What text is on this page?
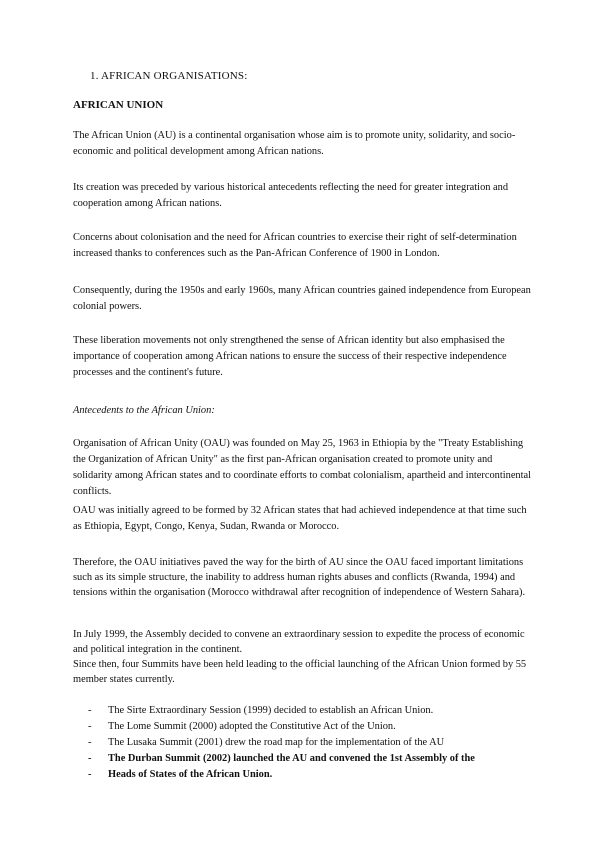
1. AFRICAN ORGANISATIONS:
AFRICAN UNION

The African Union (AU) is a continental organisation whose aim is to promote unity, solidarity, and socio-economic and political development among African nations.

Its creation was preceded by various historical antecedents reflecting the need for greater integration and cooperation among African nations.

Concerns about colonisation and the need for African countries to exercise their right of self-determination increased thanks to conferences such as the Pan-African Conference of 1900 in London.

Consequently, during the 1950s and early 1960s, many African countries gained independence from European colonial powers.

These liberation movements not only strengthened the sense of African identity but also emphasised the importance of cooperation among African nations to ensure the success of their respective independence processes and the continent's future.

Antecedents to the African Union:

Organisation of African Unity (OAU) was founded on May 25, 1963 in Ethiopia by the "Treaty Establishing the Organization of African Unity" as the first pan-African organisation created to promote unity and solidarity among African states and to coordinate efforts to combat colonialism, apartheid and intercontinental conflicts.

OAU was initially agreed to be formed by 32 African states that had achieved independence at that time such as Ethiopia, Egypt, Congo, Kenya, Sudan, Rwanda or Morocco.

Therefore, the OAU initiatives paved the way for the birth of AU since the OAU faced important limitations such as its simple structure, the inability to address human rights abuses and conflicts (Rwanda, 1994) and tensions within the organisation (Morocco withdrawal after recognition of independence of Western Sahara).

In July 1999, the Assembly decided to convene an extraordinary session to expedite the process of economic and political integration in the continent.

Since then, four Summits have been held leading to the official launching of the African Union formed by 55 member states currently.

- The Sirte Extraordinary Session (1999) decided to establish an African Union.
- The Lome Summit (2000) adopted the Constitutive Act of the Union.
- The Lusaka Summit (2001) drew the road map for the implementation of the AU
- The Durban Summit (2002) launched the AU and convened the 1st Assembly of the
- Heads of States of the African Union.
